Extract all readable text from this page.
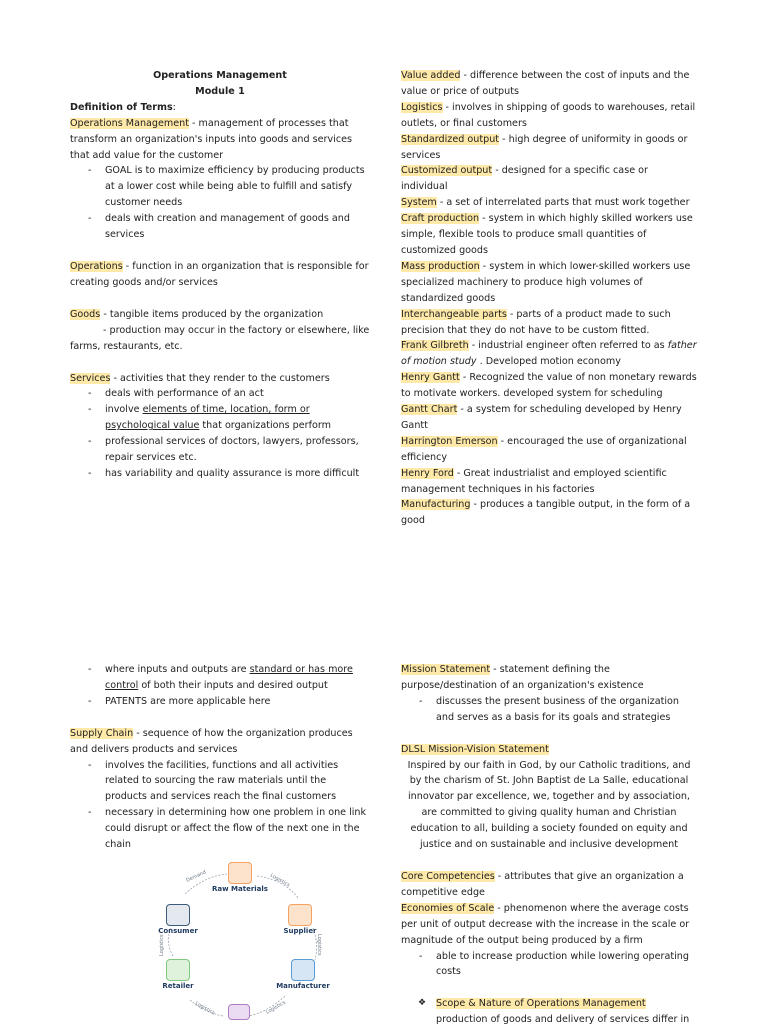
Operations Management

Module 1

Definition of Terms:

Operations Management - management of processes that transform an organization's inputs into goods and services that add value for the customer

- GOAL is to maximize efficiency by producing products at a lower cost while being able to fulfill and satisfy customer needs
- deals with creation and management of goods and services

Operations - function in an organization that is responsible for creating goods and/or services

Goods - tangible items produced by the organization

- production may occur in the factory or elsewhere, like farms, restaurants, etc.

Services - activities that they render to the customers

- deals with performance of an act
- involve elements of time, location, form or psychological value that organizations perform
- professional services of doctors, lawyers, professors, repair services etc.
- has variability and quality assurance is more difficult

Value added - difference between the cost of inputs and the value or price of outputs

Logistics - involves in shipping of goods to warehouses, retail outlets, or final customers

Standardized output - high degree of uniformity in goods or services

Customized output - designed for a specific case or individual

System - a set of interrelated parts that must work together

Craft production - system in which highly skilled workers use simple, flexible tools to produce small quantities of customized goods

Mass production - system in which lower-skilled workers use specialized machinery to produce high volumes of standardized goods

Interchangeable parts - parts of a product made to such precision that they do not have to be custom fitted.

Frank Gilbreth - industrial engineer often referred to as father of motion study . Developed motion economy

Henry Gantt - Recognized the value of non monetary rewards to motivate workers. developed system for scheduling

Gantt Chart - a system for scheduling developed by Henry Gantt

Harrington Emerson - encouraged the use of organizational efficiency

Henry Ford - Great industrialist and employed scientific management techniques in his factories

Manufacturing - produces a tangible output, in the form of a good

- where inputs and outputs are standard or has more control of both their inputs and desired output
- PATENTS are more applicable here

Supply Chain - sequence of how the organization produces and delivers products and services

- involves the facilities, functions and all activities related to sourcing the raw materials until the products and services reach the final customers
- necessary in determining how one problem in one link could disrupt or affect the flow of the next one in the chain
Demand	Logistics
Logistics
Logistics
Logistics
Logistics
Raw Materials
Supplier
Manufacturer
Retailer
Consumer

Mission Statement - statement defining the purpose/destination of an organization's existence

- discusses the present business of the organization and serves as a basis for its goals and strategies

DLSL Mission-Vision Statement

Inspired by our faith in God, by our Catholic traditions, and by the charism of St. John Baptist de La Salle, educational innovator par excellence, we, together and by association, are committed to giving quality human and Christian education to all, building a society founded on equity and justice and on sustainable and inclusive development

Core Competencies - attributes that give an organization a competitive edge

Economies of Scale - phenomenon where the average costs per unit of output decrease with the increase in the scale or magnitude of the output being produced by a firm

- able to increase production while lowering operating costs
❖ Scope & Nature of Operations Management
production of goods and delivery of services differ in
